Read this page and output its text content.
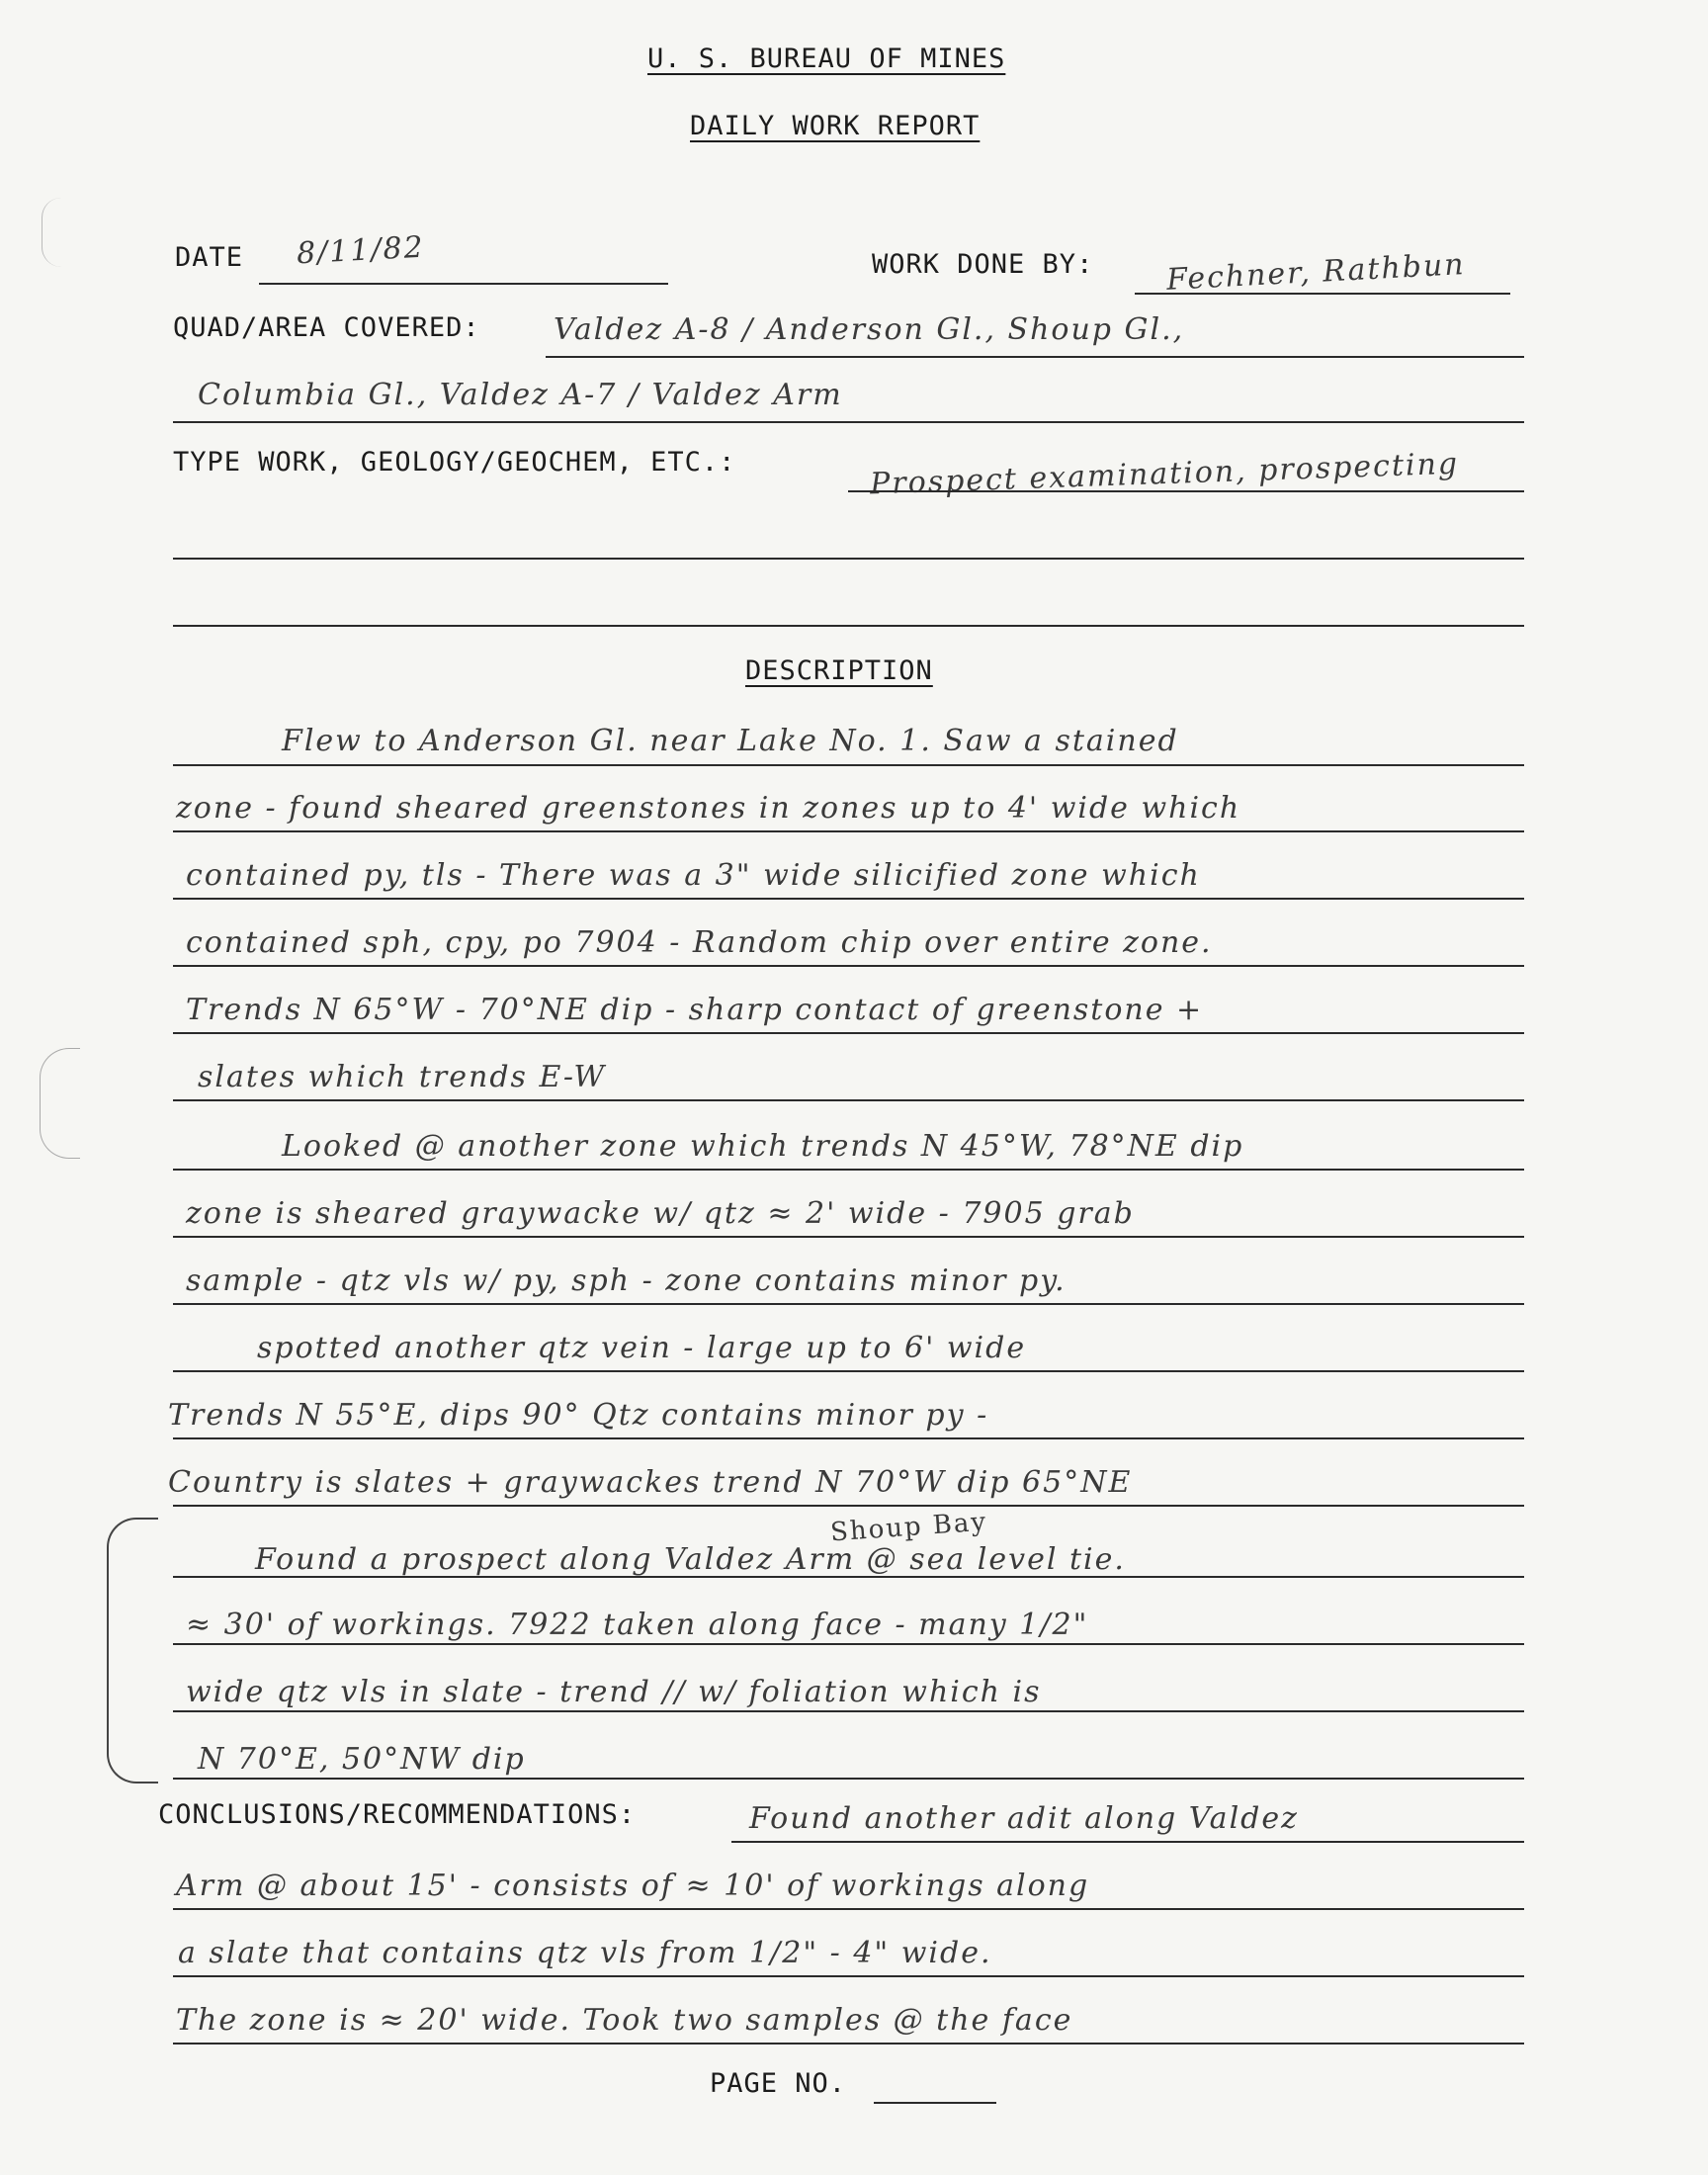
U. S. BUREAU OF MINES
DAILY WORK REPORT
DATE 8/11/82	WORK DONE BY: Fechner, Rathbun
QUAD/AREA COVERED: Valdez A-8 / Anderson Gl., Shoup Gl.,
Columbia Gl., Valdez A-7 / Valdez Arm
TYPE WORK, GEOLOGY/GEOCHEM, ETC.:	Prospect examination, prospecting
DESCRIPTION
Flew to Anderson Gl. near Lake No. 1. Saw a stained
zone - found sheared greenstones in zones up to 4' wide which
contained py, tls - There was a 3" wide silicified zone which
contained sph, cpy, po 7904 - Random chip over entire zone.
Trends N 65°W - 70°NE dip - sharp contact of greenstone +
slates which trends E-W
Looked @ another zone which trends N 45°W, 78°NE dip
zone is sheared graywacke w/ qtz ≈ 2' wide - 7905 grab
sample - qtz vls w/ py, sph - zone contains minor py.
spotted another qtz vein - large up to 6' wide
Trends N 55°E, dips 90° Qtz contains minor py -
Country is slates + graywackes trend N 70°W dip 65°NE
Shoup Bay
Found a prospect along Valdez Arm @ sea level tie.
≈ 30' of workings. 7922 taken along face - many 1/2"
wide qtz vls in slate - trend // w/ foliation which is
N 70°E, 50°NW dip
CONCLUSIONS/RECOMMENDATIONS:	Found another adit along Valdez
Arm @ about 15' - consists of ≈ 10' of workings along
a slate that contains qtz vls from 1/2" - 4" wide.
The zone is ≈ 20' wide. Took two samples @ the face
PAGE NO.
